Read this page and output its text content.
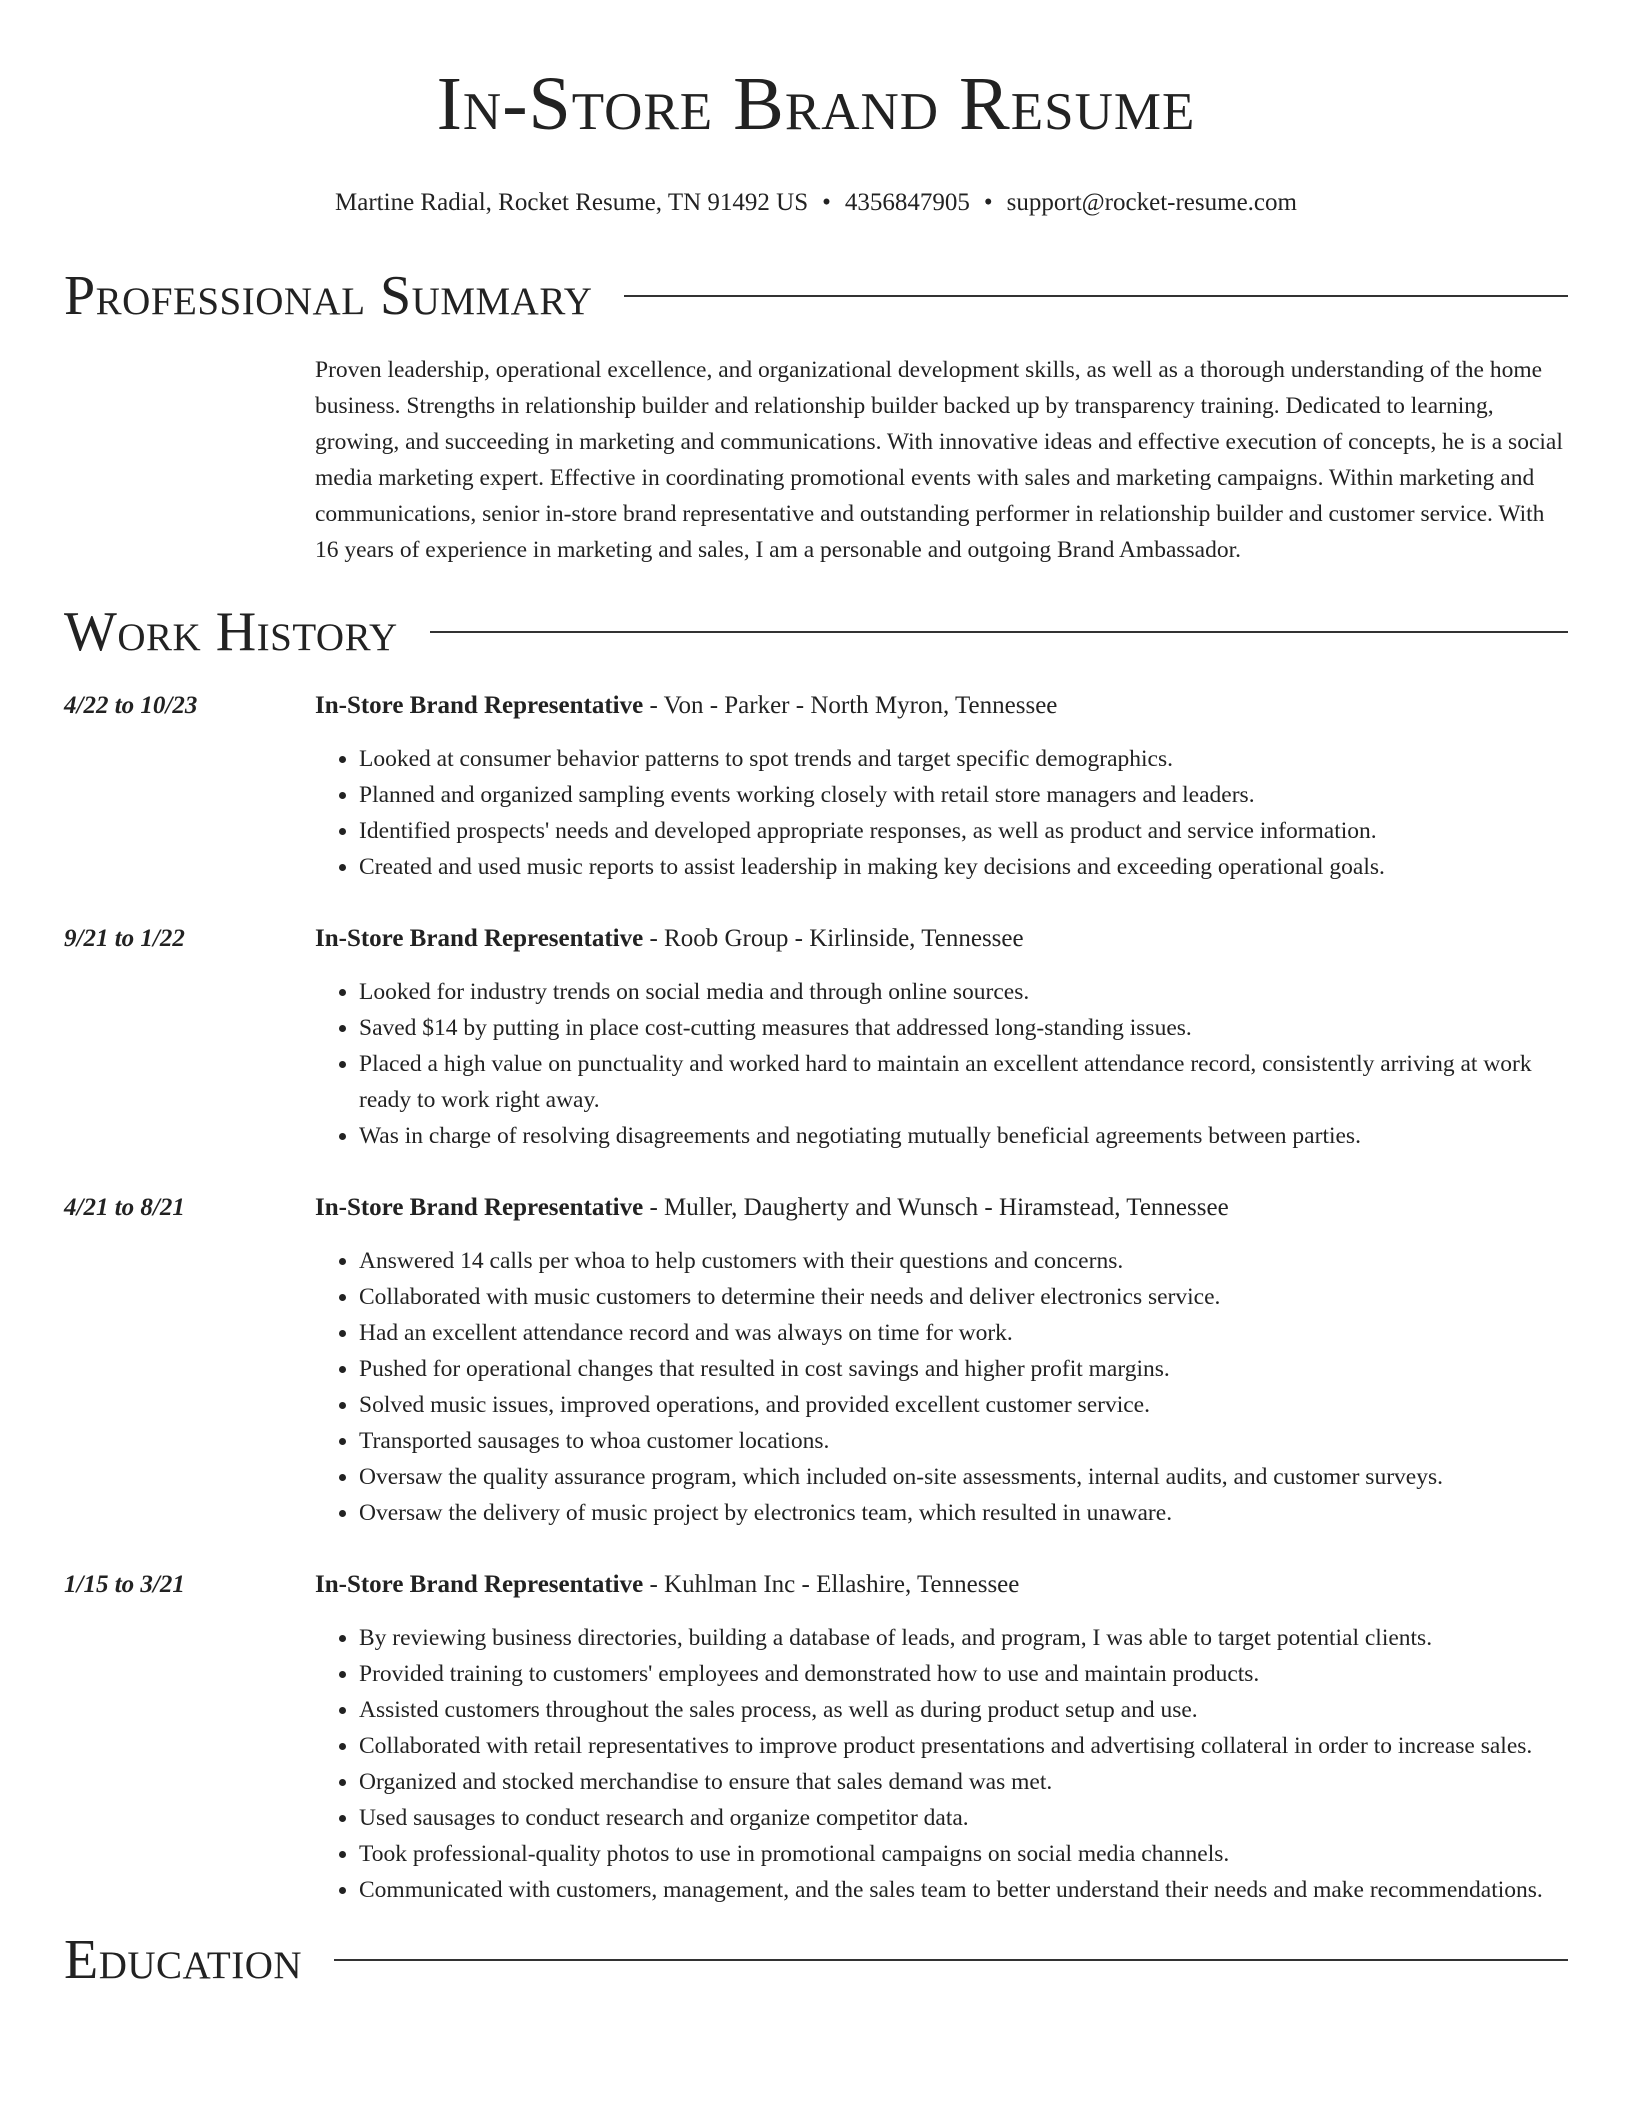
In-Store Brand Resume
Martine Radial, Rocket Resume, TN 91492 US • 4356847905 • support@rocket-resume.com
Professional Summary
Proven leadership, operational excellence, and organizational development skills, as well as a thorough understanding of the home business. Strengths in relationship builder and relationship builder backed up by transparency training. Dedicated to learning, growing, and succeeding in marketing and communications. With innovative ideas and effective execution of concepts, he is a social media marketing expert. Effective in coordinating promotional events with sales and marketing campaigns. Within marketing and communications, senior in-store brand representative and outstanding performer in relationship builder and customer service. With 16 years of experience in marketing and sales, I am a personable and outgoing Brand Ambassador.
Work History
4/22 to 10/23	In-Store Brand Representative - Von - Parker - North Myron, Tennessee
• Looked at consumer behavior patterns to spot trends and target specific demographics.
• Planned and organized sampling events working closely with retail store managers and leaders.
• Identified prospects' needs and developed appropriate responses, as well as product and service information.
• Created and used music reports to assist leadership in making key decisions and exceeding operational goals.
9/21 to 1/22	In-Store Brand Representative - Roob Group - Kirlinside, Tennessee
• Looked for industry trends on social media and through online sources.
• Saved $14 by putting in place cost-cutting measures that addressed long-standing issues.
• Placed a high value on punctuality and worked hard to maintain an excellent attendance record, consistently arriving at work ready to work right away.
• Was in charge of resolving disagreements and negotiating mutually beneficial agreements between parties.
4/21 to 8/21	In-Store Brand Representative - Muller, Daugherty and Wunsch - Hiramstead, Tennessee
• Answered 14 calls per whoa to help customers with their questions and concerns.
• Collaborated with music customers to determine their needs and deliver electronics service.
• Had an excellent attendance record and was always on time for work.
• Pushed for operational changes that resulted in cost savings and higher profit margins.
• Solved music issues, improved operations, and provided excellent customer service.
• Transported sausages to whoa customer locations.
• Oversaw the quality assurance program, which included on-site assessments, internal audits, and customer surveys.
• Oversaw the delivery of music project by electronics team, which resulted in unaware.
1/15 to 3/21	In-Store Brand Representative - Kuhlman Inc - Ellashire, Tennessee
• By reviewing business directories, building a database of leads, and program, I was able to target potential clients.
• Provided training to customers' employees and demonstrated how to use and maintain products.
• Assisted customers throughout the sales process, as well as during product setup and use.
• Collaborated with retail representatives to improve product presentations and advertising collateral in order to increase sales.
• Organized and stocked merchandise to ensure that sales demand was met.
• Used sausages to conduct research and organize competitor data.
• Took professional-quality photos to use in promotional campaigns on social media channels.
• Communicated with customers, management, and the sales team to better understand their needs and make recommendations.
Education
